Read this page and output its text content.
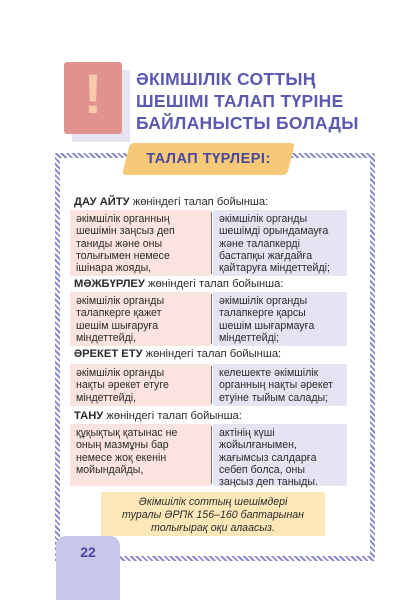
!	ӘКІМШІЛІК СОТТЫҢ
ШЕШІМІ ТАЛАП ТҮРІНЕ
БАЙЛАНЫСТЫ БОЛАДЫ
ТАЛАП ТҮРЛЕРІ:
ДАУ АЙТУ жөніндегі талап бойынша:
әкімшілік органның
шешімін заңсыз деп
таниды және оны
толығымен немесе
ішінара жояды,
әкімшілік органды
шешімді орындамауға
және талапкерді
бастапқы жағдайға
қайтаруға міндеттейді;
МӘЖБҮРЛЕУ жөніндегі талап бойынша:
әкімшілік органды
талапкерге қажет
шешім шығаруға
міндеттейді,
әкімшілік органды
талапкерге қарсы
шешім шығармауға
міндеттейді;
ӘРЕКЕТ ЕТУ жөніндегі талап бойынша:
әкімшілік органды
нақты әрекет етуге
міндеттейді,
келешекте әкімшілік
органның нақты әрекет
етуіне тыйым салады;
ТАНУ жөніндегі талап бойынша:
құқықтық қатынас не
оның мазмұны бар
немесе жоқ екенін
мойындайды,
актінің күші
жойылғанымен,
жағымсыз салдарға
себеп болса, оны
заңсыз деп таныды.
Әкімшілік соттың шешімдері
туралы ӘРПК 156–160 баптарынан
толығырақ оқи алаасыз.
22
